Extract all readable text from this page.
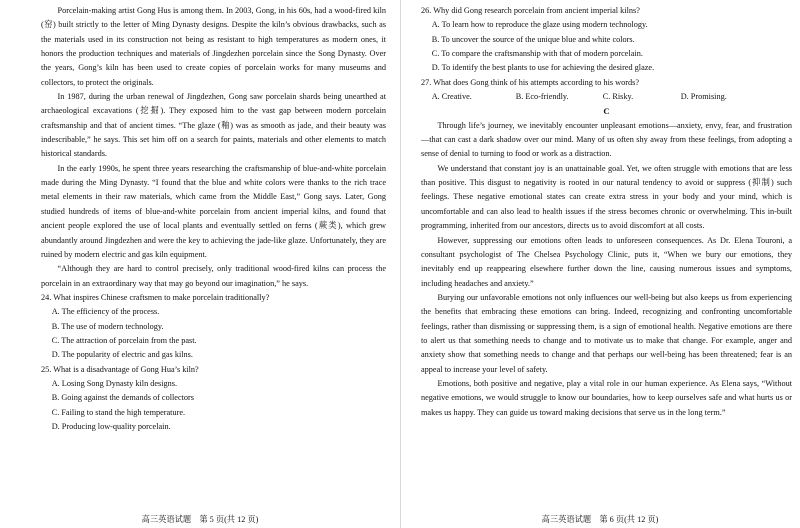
Porcelain-making artist Gong Hus is among them. In 2003, Gong, in his 60s, had a wood-fired kiln (窑) built strictly to the letter of Ming Dynasty designs. Despite the kiln’s obvious drawbacks, such as the materials used in its construction not being as resistant to high temperatures as modern ones, it honors the production techniques and materials of Jingdezhen porcelain since the Song Dynasty. Over the years, Gong’s kiln has been used to create copies of porcelain works for many museums and collectors, to protect the originals.

In 1987, during the urban renewal of Jingdezhen, Gong saw porcelain shards being unearthed at archaeological excavations (挖掘). They exposed him to the vast gap between modern porcelain craftsmanship and that of ancient times. “The glaze (釉) was as smooth as jade, and their beauty was indescribable,” he says. This set him off on a search for paints, materials and other elements to match historical standards.

In the early 1990s, he spent three years researching the craftsmanship of blue-and-white porcelain made during the Ming Dynasty. “I found that the blue and white colors were thanks to the rich trace metal elements in their raw materials, which came from the Middle East,” Gong says. Later, Gong studied hundreds of items of blue-and-white porcelain from ancient imperial kilns, and found that ancient people explored the use of local plants and eventually settled on ferns (蕨类), which grew abundantly around Jingdezhen and were the key to achieving the jade-like glaze. Unfortunately, they are ruined by modern electric and gas kiln equipment.

“Although they are hard to control precisely, only traditional wood-fired kilns can process the porcelain in an extraordinary way that may go beyond our imagination,” he says.

24. What inspires Chinese craftsmen to make porcelain traditionally?
A. The efficiency of the process.
B. The use of modern technology.
C. The attraction of porcelain from the past.
D. The popularity of electric and gas kilns.
25. What is a disadvantage of Gong Hua’s kiln?
A. Losing Song Dynasty kiln designs.
B. Going against the demands of collectors
C. Failing to stand the high temperature.
D. Producing low-quality porcelain.
高三英语试题　第 5 页(共 12 页)
26. Why did Gong research porcelain from ancient imperial kilns?
A. To learn how to reproduce the glaze using modern technology.
B. To uncover the source of the unique blue and white colors.
C. To compare the craftsmanship with that of modern porcelain.
D. To identify the best plants to use for achieving the desired glaze.
27. What does Gong think of his attempts according to his words?
A. Creative.	B. Eco-friendly.	C. Risky.	D. Promising.
C

Through life’s journey, we inevitably encounter unpleasant emotions—anxiety, envy, fear, and frustration—that can cast a dark shadow over our mind. Many of us often shy away from these feelings, from adopting a sense of denial to turning to food or work as a distraction.

We understand that constant joy is an unattainable goal. Yet, we often struggle with emotions that are less than positive. This disgust to negativity is rooted in our natural tendency to avoid or suppress (抑制) such feelings. These negative emotional states can create extra stress in your body and your mind, which is uncomfortable and can also lead to health issues if the stress becomes chronic or overwhelming. This in-built programming, inherited from our ancestors, directs us to avoid discomfort at all costs.

However, suppressing our emotions often leads to unforeseen consequences. As Dr. Elena Touroni, a consultant psychologist of The Chelsea Psychology Clinic, puts it, “When we bury our emotions, they inevitably end up reappearing elsewhere further down the line, causing numerous issues and symptoms, including headaches and anxiety.”

Burying our unfavorable emotions not only influences our well-being but also keeps us from experiencing the benefits that embracing these emotions can bring. Indeed, recognizing and confronting uncomfortable feelings, rather than dismissing or suppressing them, is a sign of emotional health. Negative emotions are there to alert us that something needs to change and to motivate us to make that change. For example, anger and anxiety show that something needs to change and that perhaps our well-being has been threatened; fear is an appeal to increase your level of safety.

Emotions, both positive and negative, play a vital role in our human experience. As Elena says, “Without negative emotions, we would struggle to know our boundaries, how to keep ourselves safe and what hurts us or makes us happy. They can guide us toward making decisions that serve us in the long term.”

高三英语试题　第 6 页(共 12 页)
